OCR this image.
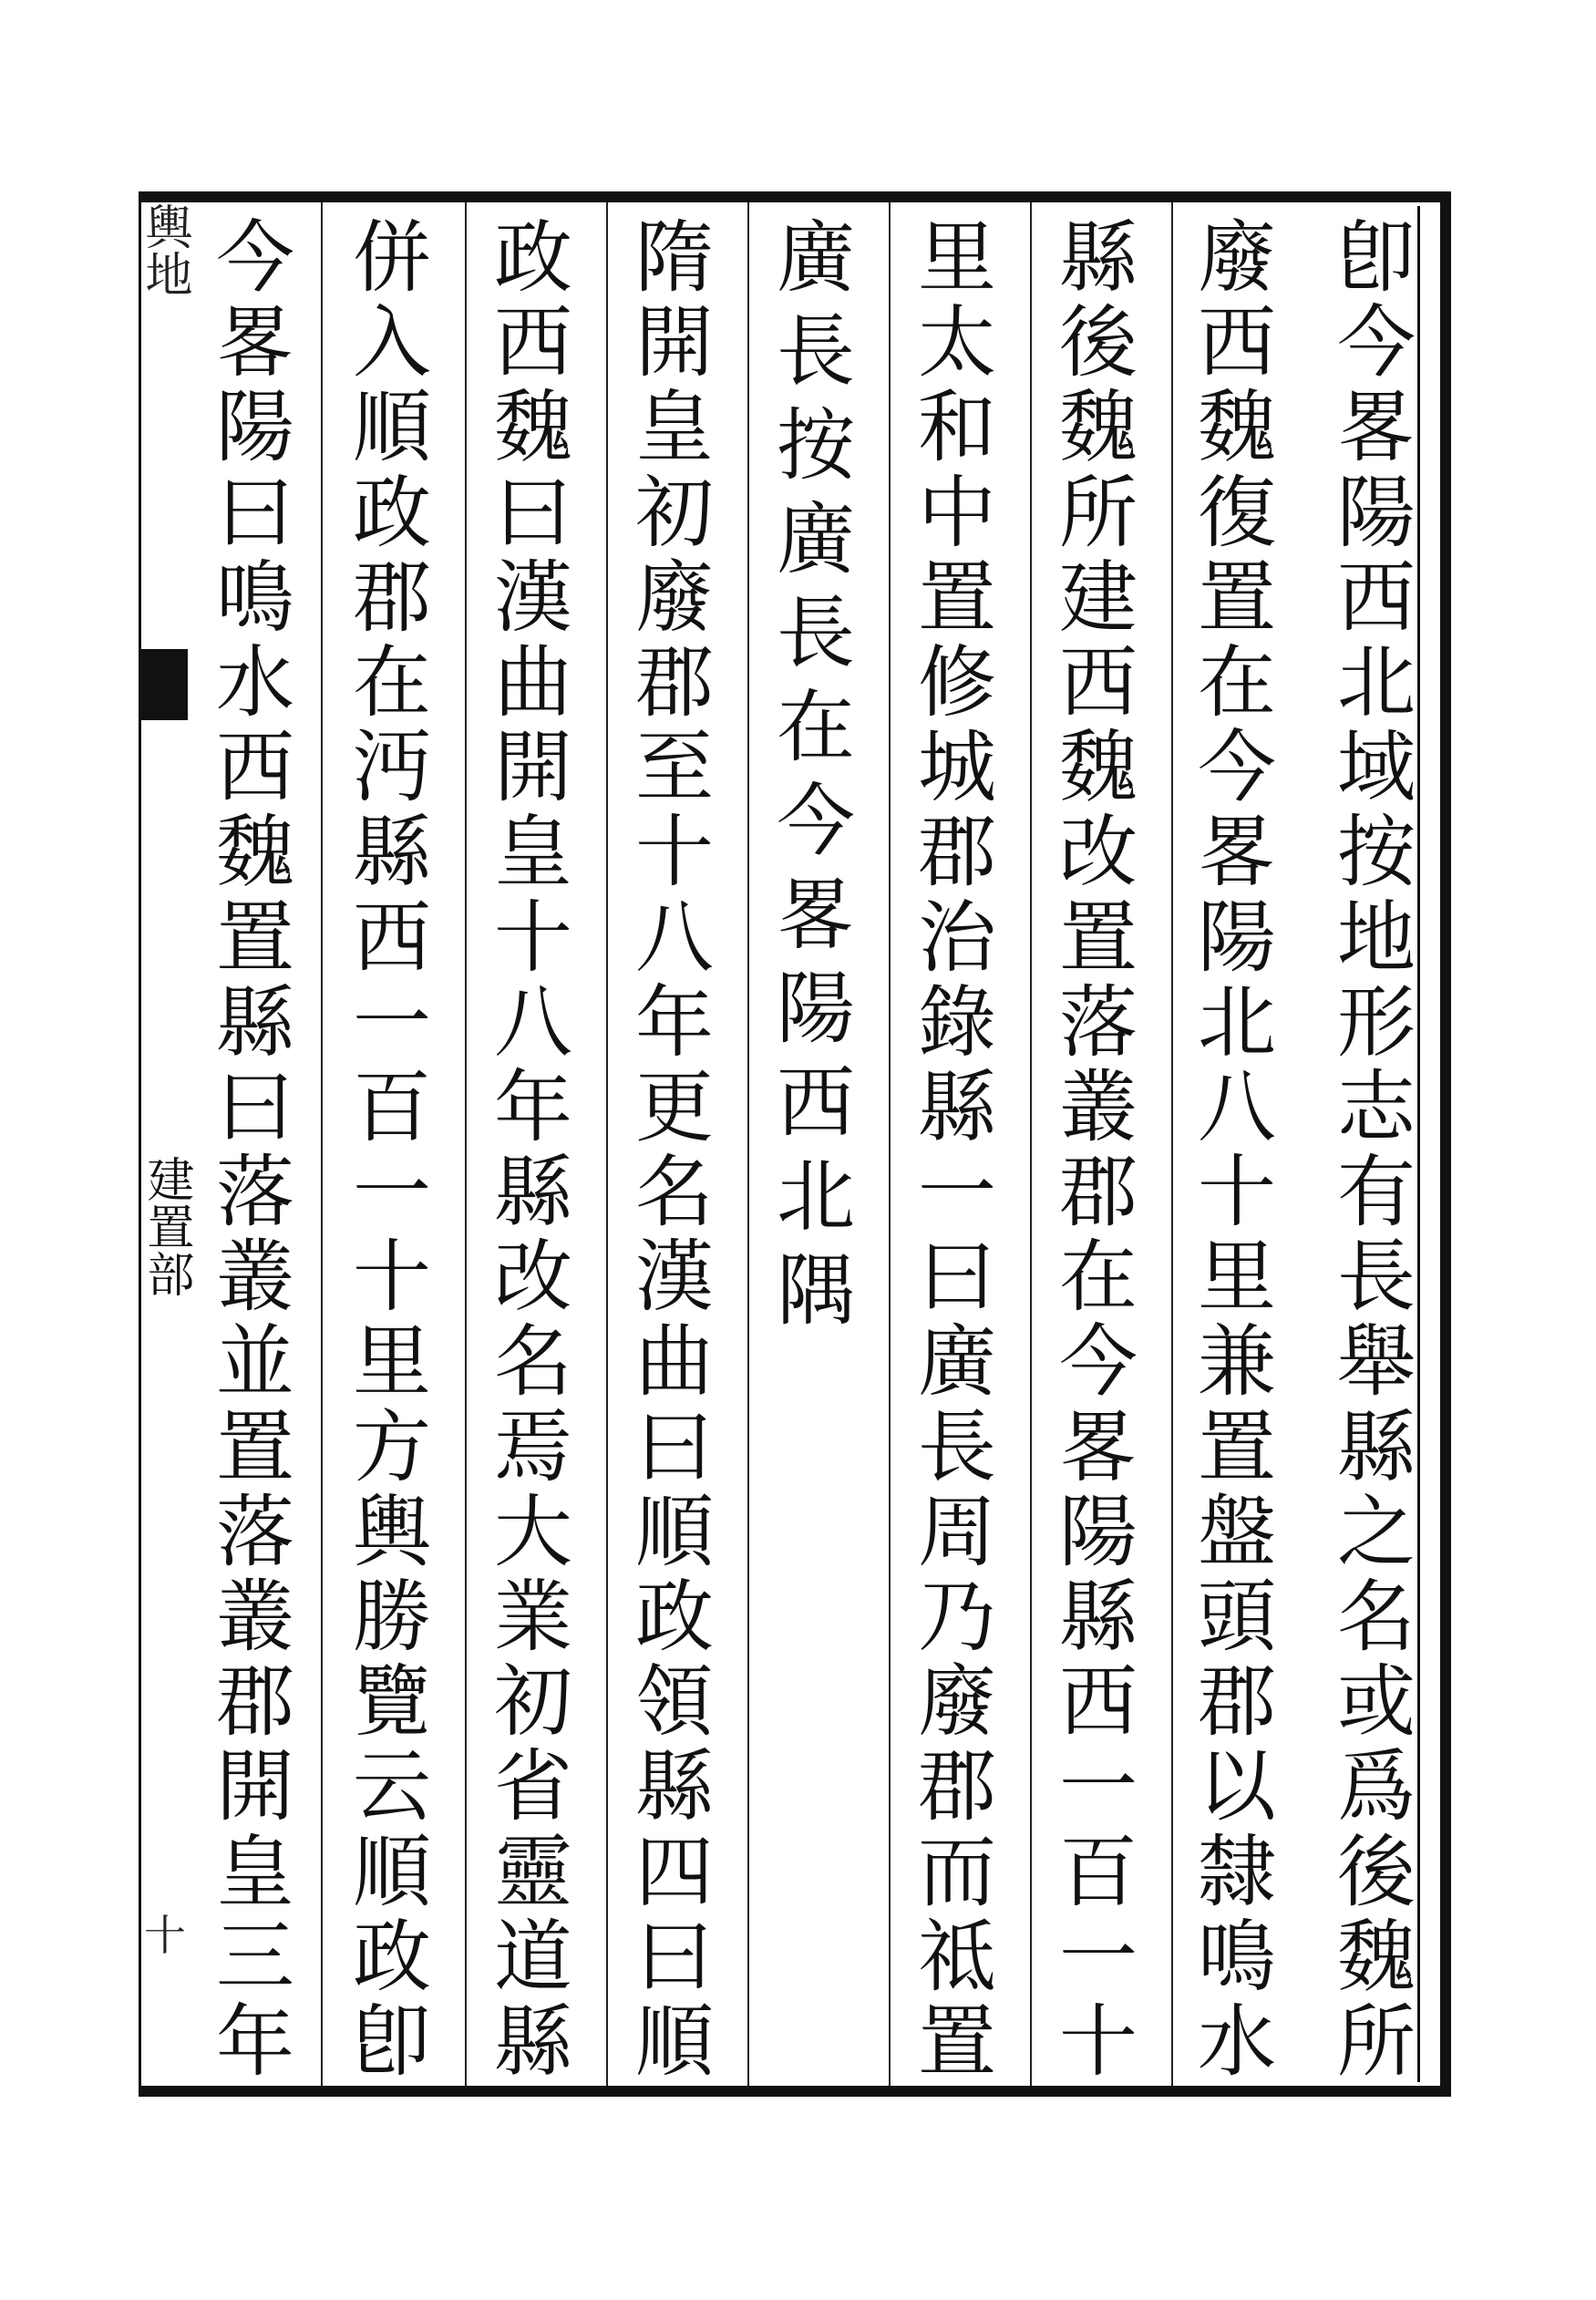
輿地
建置部
十
卽
今
畧
陽
西
北
域
按
地
形
志
有
長
舉
縣
之
名
或
爲
後
魏
所
廢
西
魏
復
置
在
今
畧
陽
北
八
十
里
兼
置
盤
頭
郡
以
隸
鳴
水
縣
後
魏
所
建
西
魏
改
置
落
叢
郡
在
今
畧
陽
縣
西
一
百
一
十
里
太
和
中
置
修
城
郡
治
錄
縣
一
曰
廣
長
周
乃
廢
郡
而
祗
置
廣
長
按
廣
長
在
今
畧
陽
西
北
隅
隋
開
皇
初
廢
郡
至
十
八
年
更
名
漢
曲
曰
順
政
領
縣
四
曰
順
政
西
魏
曰
漢
曲
開
皇
十
八
年
縣
改
名
焉
大
業
初
省
靈
道
縣
併
入
順
政
郡
在
沔
縣
西
一
百
一
十
里
方
輿
勝
覽
云
順
政
卽
今
畧
陽
曰
鳴
水
西
魏
置
縣
曰
落
叢
並
置
落
叢
郡
開
皇
三
年
